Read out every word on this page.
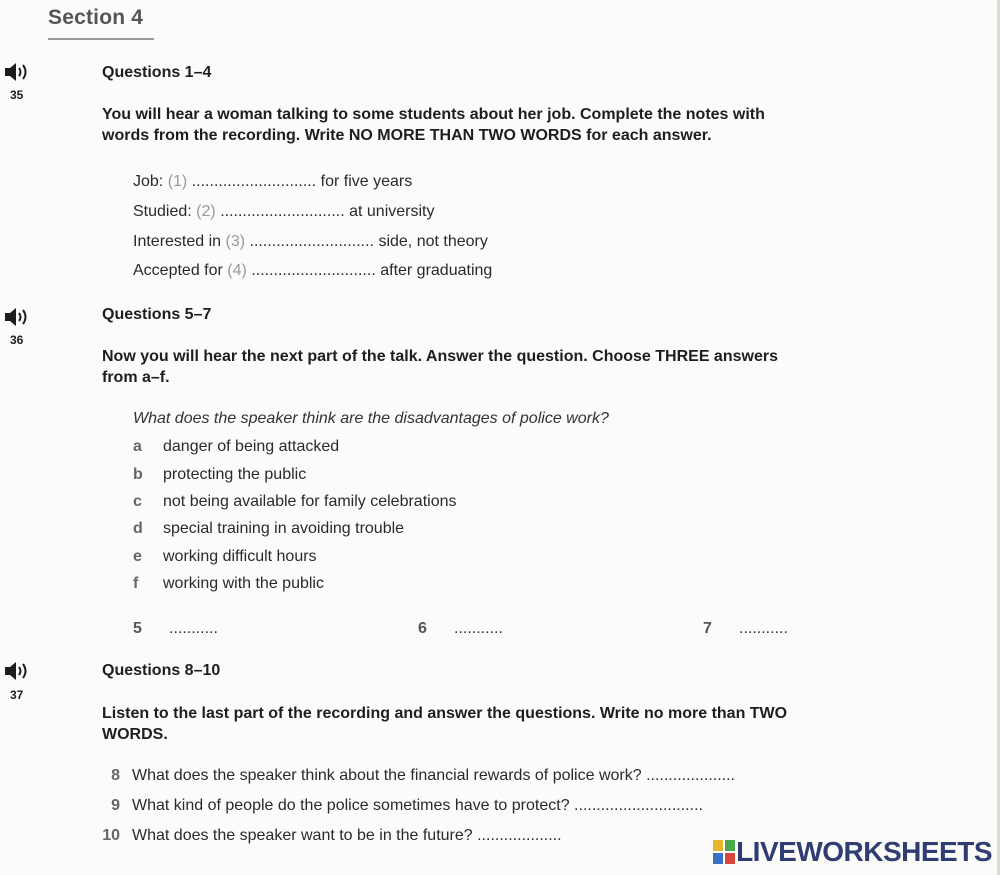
Section 4
35
Questions 1–4
You will hear a woman talking to some students about her job. Complete the notes with
words from the recording. Write NO MORE THAN TWO WORDS for each answer.
Job: (1) ............................ for five years
Studied: (2) ............................ at university
Interested in (3) ............................ side, not theory
Accepted for (4) ............................ after graduating
36
Questions 5–7
Now you will hear the next part of the talk. Answer the question. Choose THREE answers
from a–f.
What does the speaker think are the disadvantages of police work?
a danger of being attacked
b protecting the public
c not being available for family celebrations
d special training in avoiding trouble
e working difficult hours
f working with the public
5 ...........	6 ...........	7 ...........
37
Questions 8–10
Listen to the last part of the recording and answer the questions. Write no more than TWO
WORDS.
8 What does the speaker think about the financial rewards of police work? ....................
9 What kind of people do the police sometimes have to protect? .............................
10 What does the speaker want to be in the future? ...................
LIVEWORKSHEETS
